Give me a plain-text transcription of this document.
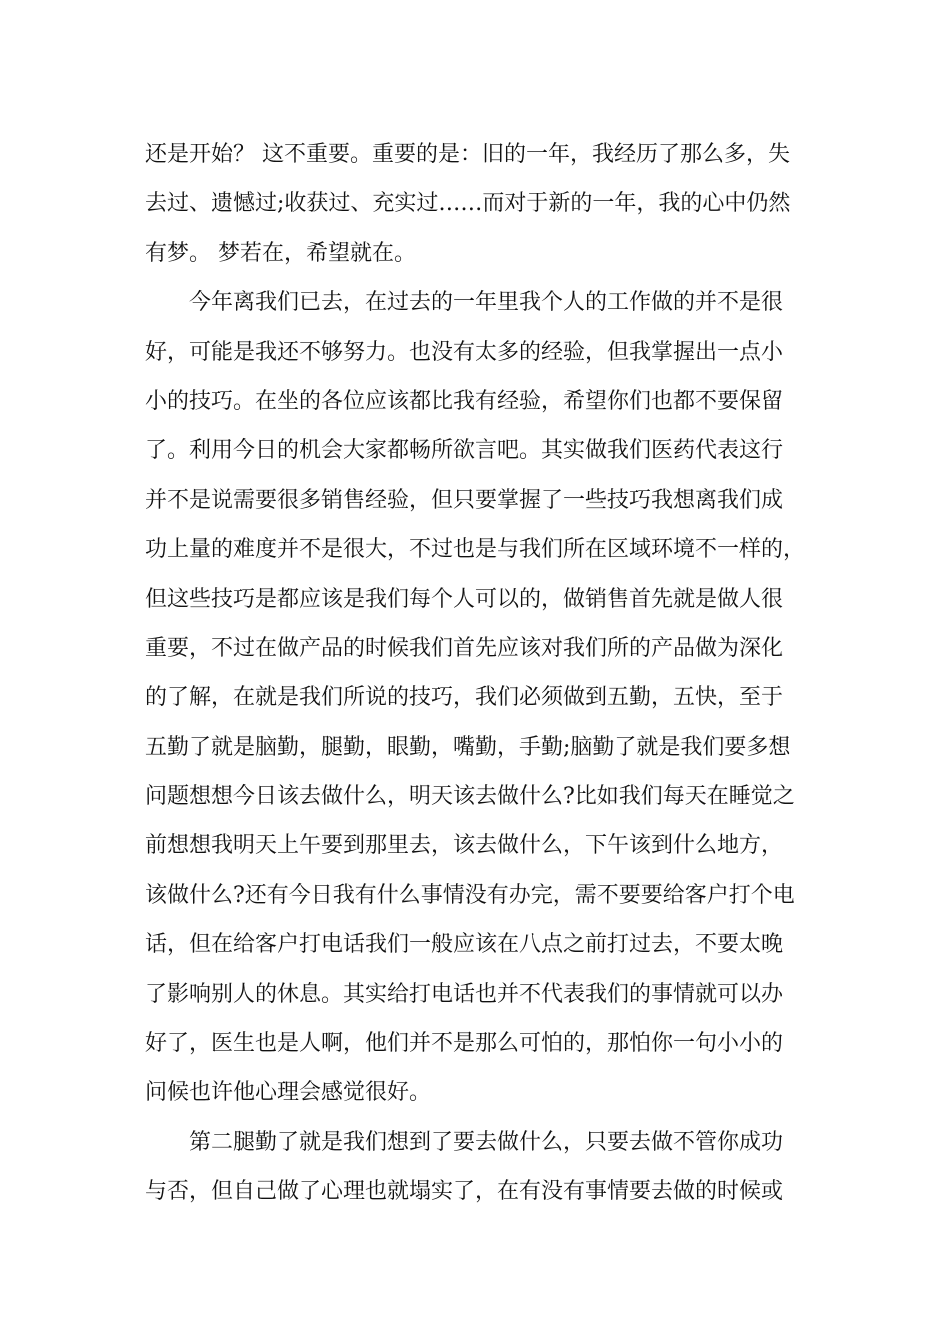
还是开始？ 这不重要。重要的是：旧的一年，我经历了那么多，失
去过、遗憾过;收获过、充实过……而对于新的一年，我的心中仍然
有梦。 梦若在，希望就在。
今年离我们已去，在过去的一年里我个人的工作做的并不是很
好，可能是我还不够努力。也没有太多的经验，但我掌握出一点小
小的技巧。在坐的各位应该都比我有经验，希望你们也都不要保留
了。利用今日的机会大家都畅所欲言吧。其实做我们医药代表这行
并不是说需要很多销售经验，但只要掌握了一些技巧我想离我们成
功上量的难度并不是很大，不过也是与我们所在区域环境不一样的，
但这些技巧是都应该是我们每个人可以的，做销售首先就是做人很
重要，不过在做产品的时候我们首先应该对我们所的产品做为深化
的了解，在就是我们所说的技巧，我们必须做到五勤，五快，至于
五勤了就是脑勤，腿勤，眼勤，嘴勤，手勤;脑勤了就是我们要多想
问题想想今日该去做什么，明天该去做什么?比如我们每天在睡觉之
前想想我明天上午要到那里去，该去做什么，下午该到什么地方，
该做什么?还有今日我有什么事情没有办完，需不要要给客户打个电
话，但在给客户打电话我们一般应该在八点之前打过去，不要太晚
了影响别人的休息。其实给打电话也并不代表我们的事情就可以办
好了，医生也是人啊，他们并不是那么可怕的，那怕你一句小小的
问候也许他心理会感觉很好。
第二腿勤了就是我们想到了要去做什么，只要去做不管你成功
与否，但自己做了心理也就塌实了，在有没有事情要去做的时候或
